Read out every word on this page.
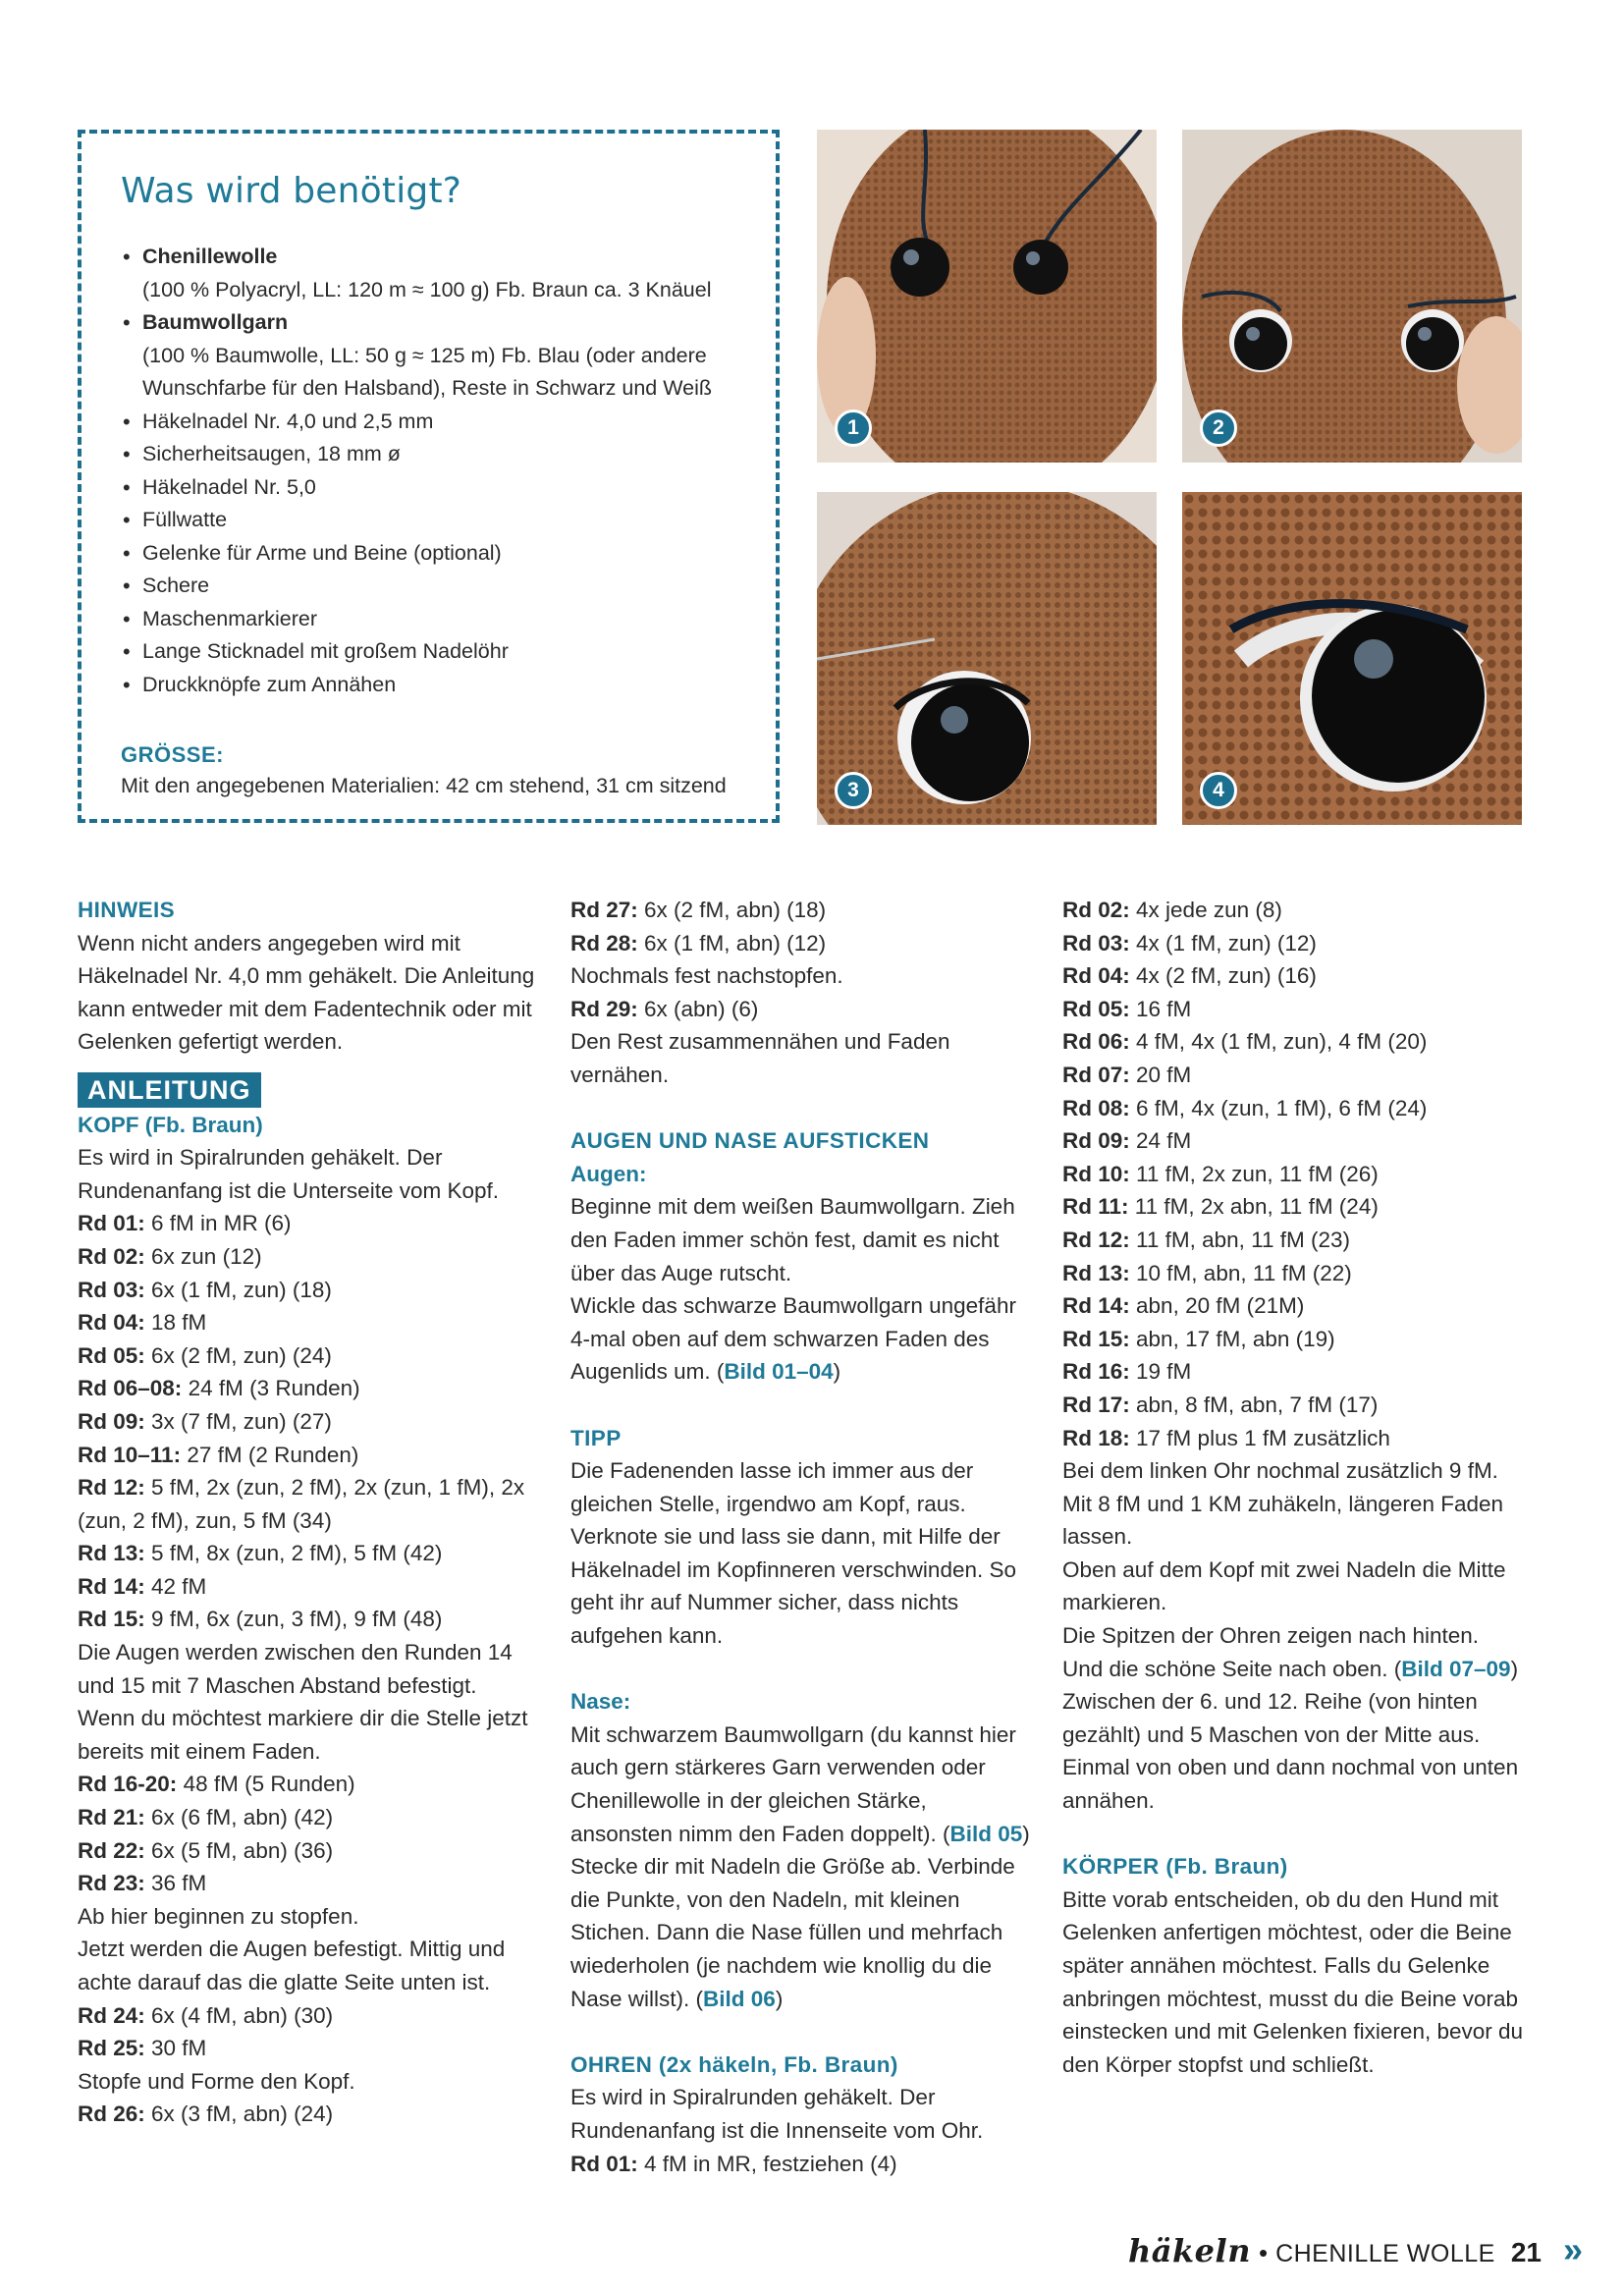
Was wird benötigt?
• Chenillewolle
(100 % Polyacryl, LL: 120 m ≈ 100 g) Fb. Braun ca. 3 Knäuel
• Baumwollgarn
(100 % Baumwolle, LL: 50 g ≈ 125 m) Fb. Blau (oder andere Wunschfarbe für den Halsband), Reste in Schwarz und Weiß
• Häkelnadel Nr. 4,0 und 2,5 mm
• Sicherheitsaugen, 18 mm ø
• Häkelnadel Nr. 5,0
• Füllwatte
• Gelenke für Arme und Beine (optional)
• Schere
• Maschenmarkierer
• Lange Sticknadel mit großem Nadelöhr
• Druckknöpfe zum Annähen
GRÖSSE:
Mit den angegebenen Materialien: 42 cm stehend, 31 cm sitzend
1	2
3	4

HINWEIS

Wenn nicht anders angegeben wird mit Häkelnadel Nr. 4,0 mm gehäkelt. Die Anleitung kann entweder mit dem Fadentechnik oder mit Gelenken gefertigt werden.

ANLEITUNG

KOPF (Fb. Braun)

Es wird in Spiralrunden gehäkelt. Der Rundenanfang ist die Unterseite vom Kopf.

Rd 01: 6 fM in MR (6)

Rd 02: 6x zun (12)

Rd 03: 6x (1 fM, zun) (18)

Rd 04: 18 fM

Rd 05: 6x (2 fM, zun) (24)

Rd 06–08: 24 fM (3 Runden)

Rd 09: 3x (7 fM, zun) (27)

Rd 10–11: 27 fM (2 Runden)

Rd 12: 5 fM, 2x (zun, 2 fM), 2x (zun, 1 fM), 2x (zun, 2 fM), zun, 5 fM (34)

Rd 13: 5 fM, 8x (zun, 2 fM), 5 fM (42)

Rd 14: 42 fM

Rd 15: 9 fM, 6x (zun, 3 fM), 9 fM (48)

Die Augen werden zwischen den Runden 14 und 15 mit 7 Maschen Abstand befestigt. Wenn du möchtest markiere dir die Stelle jetzt bereits mit einem Faden.

Rd 16-20: 48 fM (5 Runden)

Rd 21: 6x (6 fM, abn) (42)

Rd 22: 6x (5 fM, abn) (36)

Rd 23: 36 fM

Ab hier beginnen zu stopfen.

Jetzt werden die Augen befestigt. Mittig und achte darauf das die glatte Seite unten ist.

Rd 24: 6x (4 fM, abn) (30)

Rd 25: 30 fM

Stopfe und Forme den Kopf.

Rd 26: 6x (3 fM, abn) (24)

Rd 27: 6x (2 fM, abn) (18)

Rd 28: 6x (1 fM, abn) (12)

Nochmals fest nachstopfen.

Rd 29: 6x (abn) (6)

Den Rest zusammennähen und Faden vernähen.

AUGEN UND NASE AUFSTICKEN

Augen:

Beginne mit dem weißen Baumwollgarn. Zieh den Faden immer schön fest, damit es nicht über das Auge rutscht.

Wickle das schwarze Baumwollgarn ungefähr 4-mal oben auf dem schwarzen Faden des Augenlids um. (Bild 01–04)

TIPP

Die Fadenenden lasse ich immer aus der gleichen Stelle, irgendwo am Kopf, raus. Verknote sie und lass sie dann, mit Hilfe der Häkelnadel im Kopfinneren verschwinden. So geht ihr auf Nummer sicher, dass nichts aufgehen kann.

Nase:

Mit schwarzem Baumwollgarn (du kannst hier auch gern stärkeres Garn verwenden oder Chenillewolle in der gleichen Stärke, ansonsten nimm den Faden doppelt). (Bild 05)

Stecke dir mit Nadeln die Größe ab. Verbinde die Punkte, von den Nadeln, mit kleinen Stichen. Dann die Nase füllen und mehrfach wiederholen (je nachdem wie knollig du die Nase willst). (Bild 06)

OHREN (2x häkeln, Fb. Braun)

Es wird in Spiralrunden gehäkelt. Der Rundenanfang ist die Innenseite vom Ohr.

Rd 01: 4 fM in MR, festziehen (4)

Rd 02: 4x jede zun (8)

Rd 03: 4x (1 fM, zun) (12)

Rd 04: 4x (2 fM, zun) (16)

Rd 05: 16 fM

Rd 06: 4 fM, 4x (1 fM, zun), 4 fM (20)

Rd 07: 20 fM

Rd 08: 6 fM, 4x (zun, 1 fM), 6 fM (24)

Rd 09: 24 fM

Rd 10: 11 fM, 2x zun, 11 fM (26)

Rd 11: 11 fM, 2x abn, 11 fM (24)

Rd 12: 11 fM, abn, 11 fM (23)

Rd 13: 10 fM, abn, 11 fM (22)

Rd 14: abn, 20 fM (21M)

Rd 15: abn, 17 fM, abn (19)

Rd 16: 19 fM

Rd 17: abn, 8 fM, abn, 7 fM (17)

Rd 18: 17 fM plus 1 fM zusätzlich

Bei dem linken Ohr nochmal zusätzlich 9 fM. Mit 8 fM und 1 KM zuhäkeln, längeren Faden lassen.

Oben auf dem Kopf mit zwei Nadeln die Mitte markieren.

Die Spitzen der Ohren zeigen nach hinten. Und die schöne Seite nach oben. (Bild 07–09)

Zwischen der 6. und 12. Reihe (von hinten gezählt) und 5 Maschen von der Mitte aus. Einmal von oben und dann nochmal von unten annähen.

KÖRPER (Fb. Braun)

Bitte vorab entscheiden, ob du den Hund mit Gelenken anfertigen möchtest, oder die Beine später annähen möchtest. Falls du Gelenke anbringen möchtest, musst du die Beine vorab einstecken und mit Gelenken fixieren, bevor du den Körper stopfst und schließt.

häkeln • CHENILLE WOLLE 21 »
